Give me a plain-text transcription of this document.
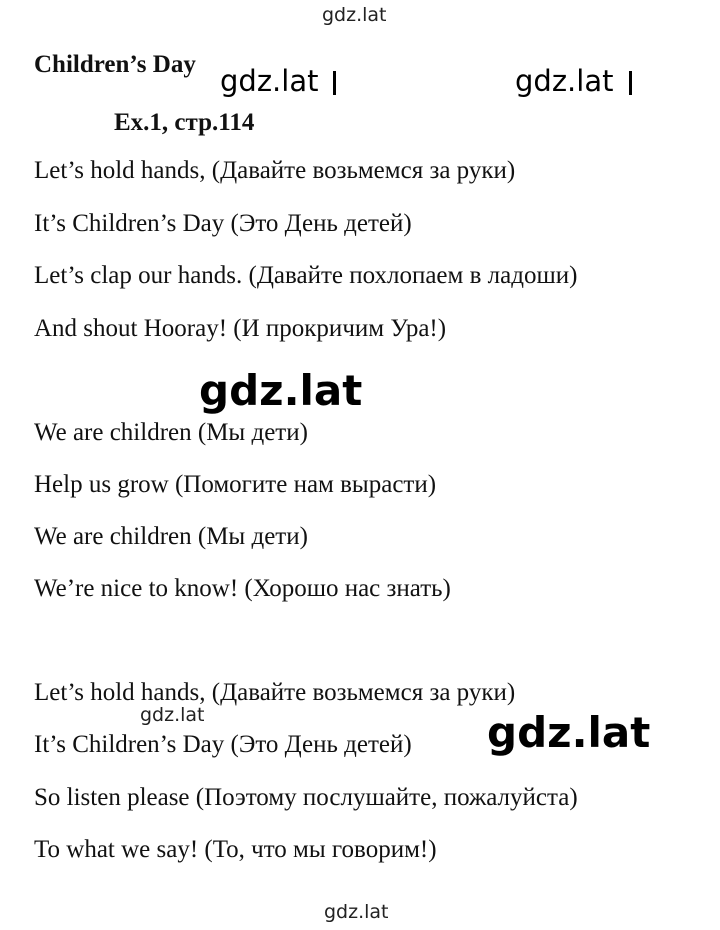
gdz.lat
gdz.lat	gdz.lat
gdz.lat
gdz.lat	gdz.lat
gdz.lat
Children’s Day
Ex.1, стр.114
Let’s hold hands, (Давайте возьмемся за руки)
It’s Children’s Day (Это День детей)
Let’s clap our hands. (Давайте похлопаем в ладоши)
And shout Hooray! (И прокричим Ура!)
We are children (Мы дети)
Help us grow (Помогите нам вырасти)
We are children (Мы дети)
We’re nice to know! (Хорошо нас знать)
Let’s hold hands, (Давайте возьмемся за руки)
It’s Children’s Day (Это День детей)
So listen please (Поэтому послушайте, пожалуйста)
To what we say! (То, что мы говорим!)
